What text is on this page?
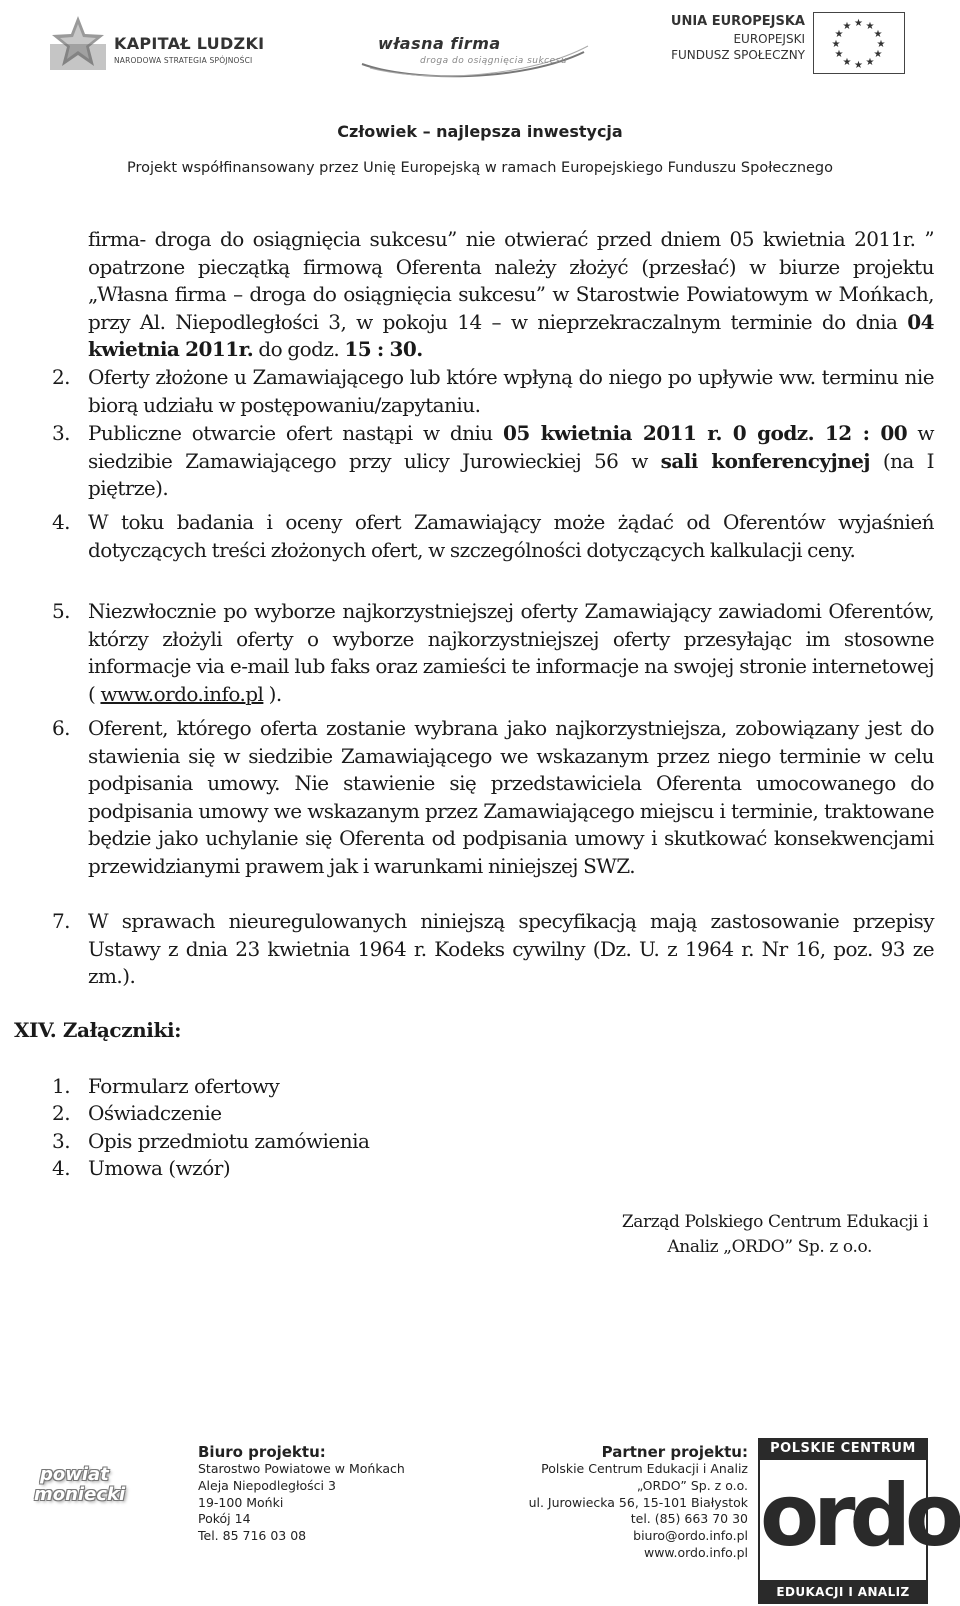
KAPITAŁ LUDZKI
NARODOWA STRATEGIA SPÓJNOŚCI
własna firma
droga do osiągnięcia sukcesu
UNIA EUROPEJSKA
EUROPEJSKI
FUNDUSZ SPOŁECZNY
★ ★
★
★
★
★
★
★
★
★
★
★
Człowiek – najlepsza inwestycja
Projekt współfinansowany przez Unię Europejską w ramach Europejskiego Funduszu Społecznego

firma- droga do osiągnięcia sukcesu” nie otwierać przed dniem 05 kwietnia 2011r. ” opatrzone pieczątką firmową Oferenta należy złożyć (przesłać) w biurze projektu „Własna firma – droga do osiągnięcia sukcesu” w Starostwie Powiatowym w Mońkach, przy Al. Niepodległości 3, w pokoju 14 – w nieprzekraczalnym terminie do dnia 04 kwietnia 2011r. do godz. 15 : 30.

2. Oferty złożone u Zamawiającego lub które wpłyną do niego po upływie ww. terminu nie biorą udziału w postępowaniu/zapytaniu.

3. Publiczne otwarcie ofert nastąpi w dniu 05 kwietnia 2011 r. 0 godz. 12 : 00 w siedzibie Zamawiającego przy ulicy Jurowieckiej 56 w sali konferencyjnej (na I piętrze).

4. W toku badania i oceny ofert Zamawiający może żądać od Oferentów wyjaśnień dotyczących treści złożonych ofert, w szczególności dotyczących kalkulacji ceny.

5. Niezwłocznie po wyborze najkorzystniejszej oferty Zamawiający zawiadomi Oferentów, którzy złożyli oferty o wyborze najkorzystniejszej oferty przesyłając im stosowne informacje via e-mail lub faks oraz zamieści te informacje na swojej stronie internetowej ( www.ordo.info.pl ).

6. Oferent, którego oferta zostanie wybrana jako najkorzystniejsza, zobowiązany jest do stawienia się w siedzibie Zamawiającego we wskazanym przez niego terminie w celu podpisania umowy. Nie stawienie się przedstawiciela Oferenta umocowanego do podpisania umowy we wskazanym przez Zamawiającego miejscu i terminie, traktowane będzie jako uchylanie się Oferenta od podpisania umowy i skutkować konsekwencjami przewidzianymi prawem jak i warunkami niniejszej SWZ.

7. W sprawach nieuregulowanych niniejszą specyfikacją mają zastosowanie przepisy Ustawy z dnia 23 kwietnia 1964 r. Kodeks cywilny (Dz. U. z 1964 r. Nr 16, poz. 93 ze zm.).

XIV. Załączniki:
1. Formularz ofertowy
2. Oświadczenie
3. Opis przedmiotu zamówienia
4. Umowa (wzór)
Zarząd Polskiego Centrum Edukacji i
Analiz „ORDO” Sp. z o.o.
powiat
moniecki
Biuro projektu:
Starostwo Powiatowe w Mońkach
Aleja Niepodległości 3
19-100 Mońki
Pokój 14
Tel. 85 716 03 08
Partner projektu:
Polskie Centrum Edukacji i Analiz
„ORDO” Sp. z o.o.
ul. Jurowiecka 56, 15-101 Białystok
tel. (85) 663 70 30
biuro@ordo.info.pl
www.ordo.info.pl
POLSKIE CENTRUM
ordo
EDUKACJI I ANALIZ
